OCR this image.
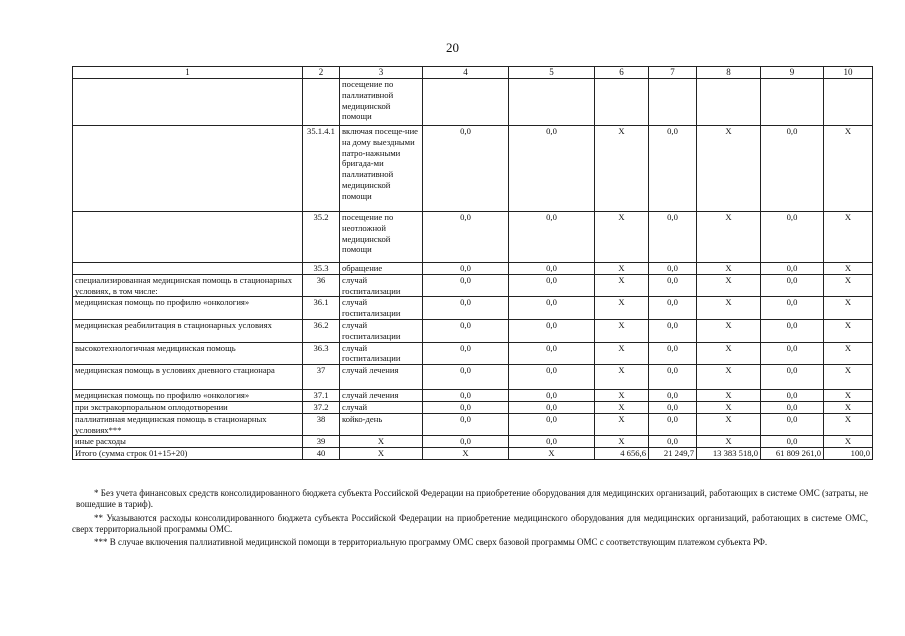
20
1	2	3	4	5	6	7	8	9	10
		посещение по паллиативной медицинской помощи							
	35.1.4.1	включая посеще-ние на дому выездными патро-нажными бригада-ми паллиативной медицинской помощи	0,0	0,0	X	0,0	X	0,0	X
	35.2	посещение по неотложной медицинской помощи	0,0	0,0	X	0,0	X	0,0	X
	35.3	обращение	0,0	0,0	X	0,0	X	0,0	X
специализированная медицинская помощь в стационарных условиях, в том числе:	36	случай госпитализации	0,0	0,0	X	0,0	X	0,0	X
медицинская помощь по профилю «онкология»	36.1	случай госпитализации	0,0	0,0	X	0,0	X	0,0	X
медицинская реабилитация в стационарных условиях	36.2	случай госпитализации	0,0	0,0	X	0,0	X	0,0	X
высокотехнологичная медицинская помощь	36.3	случай госпитализации	0,0	0,0	X	0,0	X	0,0	X
медицинская помощь в условиях дневного стационара	37	случай лечения	0,0	0,0	X	0,0	X	0,0	X
медицинская помощь по профилю «онкология»	37.1	случай лечения	0,0	0,0	X	0,0	X	0,0	X
при экстракорпоральном оплодотворении	37.2	случай	0,0	0,0	X	0,0	X	0,0	X
паллиативная медицинская помощь в стационарных условиях***	38	койко-день	0,0	0,0	X	0,0	X	0,0	X
иные расходы	39	X	0,0	0,0	X	0,0	X	0,0	X
Итого (сумма строк 01+15+20)	40	X	X	X	4 656,6	21 249,7	13 383 518,0	61 809 261,0	100,0

* Без учета финансовых средств консолидированного бюджета субъекта Российской Федерации на приобретение оборудования для медицинских организаций, работающих в системе ОМС (затраты, не вошедшие в тариф).

** Указываются расходы консолидированного бюджета субъекта Российской Федерации на приобретение медицинского оборудования для медицинских организаций, работающих в системе ОМС, сверх территориальной программы ОМС.

*** В случае включения паллиативной медицинской помощи в территориальную программу ОМС сверх базовой программы ОМС с соответствующим платежом субъекта РФ.
